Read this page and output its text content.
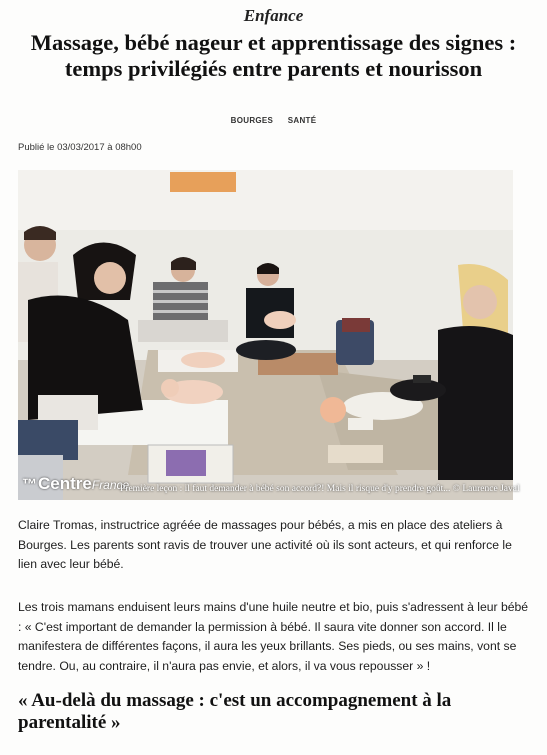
Enfance
Massage, bébé nageur et apprentissage des signes : temps privilégiés entre parents et nourisson
BOURGES SANTÉ
Publié le 03/03/2017 à 08h00
™CentreFrance
Première leçon : il faut demander à bébé son accord?! Mais il risque d'y prendre goût... © Laurence Javal
Claire Tromas, instructrice agréée de massages pour bébés, a mis en place des ateliers à Bourges. Les parents sont ravis de trouver une activité où ils sont acteurs, et qui renforce le lien avec leur bébé.
Les trois mamans enduisent leurs mains d'une huile neutre et bio, puis s'adressent à leur bébé : « C'est important de demander la permission à bébé. Il saura vite donner son accord. Il le manifestera de différentes façons, il aura les yeux brillants. Ses pieds, ou ses mains, vont se tendre. Ou, au contraire, il n'aura pas envie, et alors, il va vous repousser » !
« Au-delà du massage : c'est un accompagnement à la parentalité »
